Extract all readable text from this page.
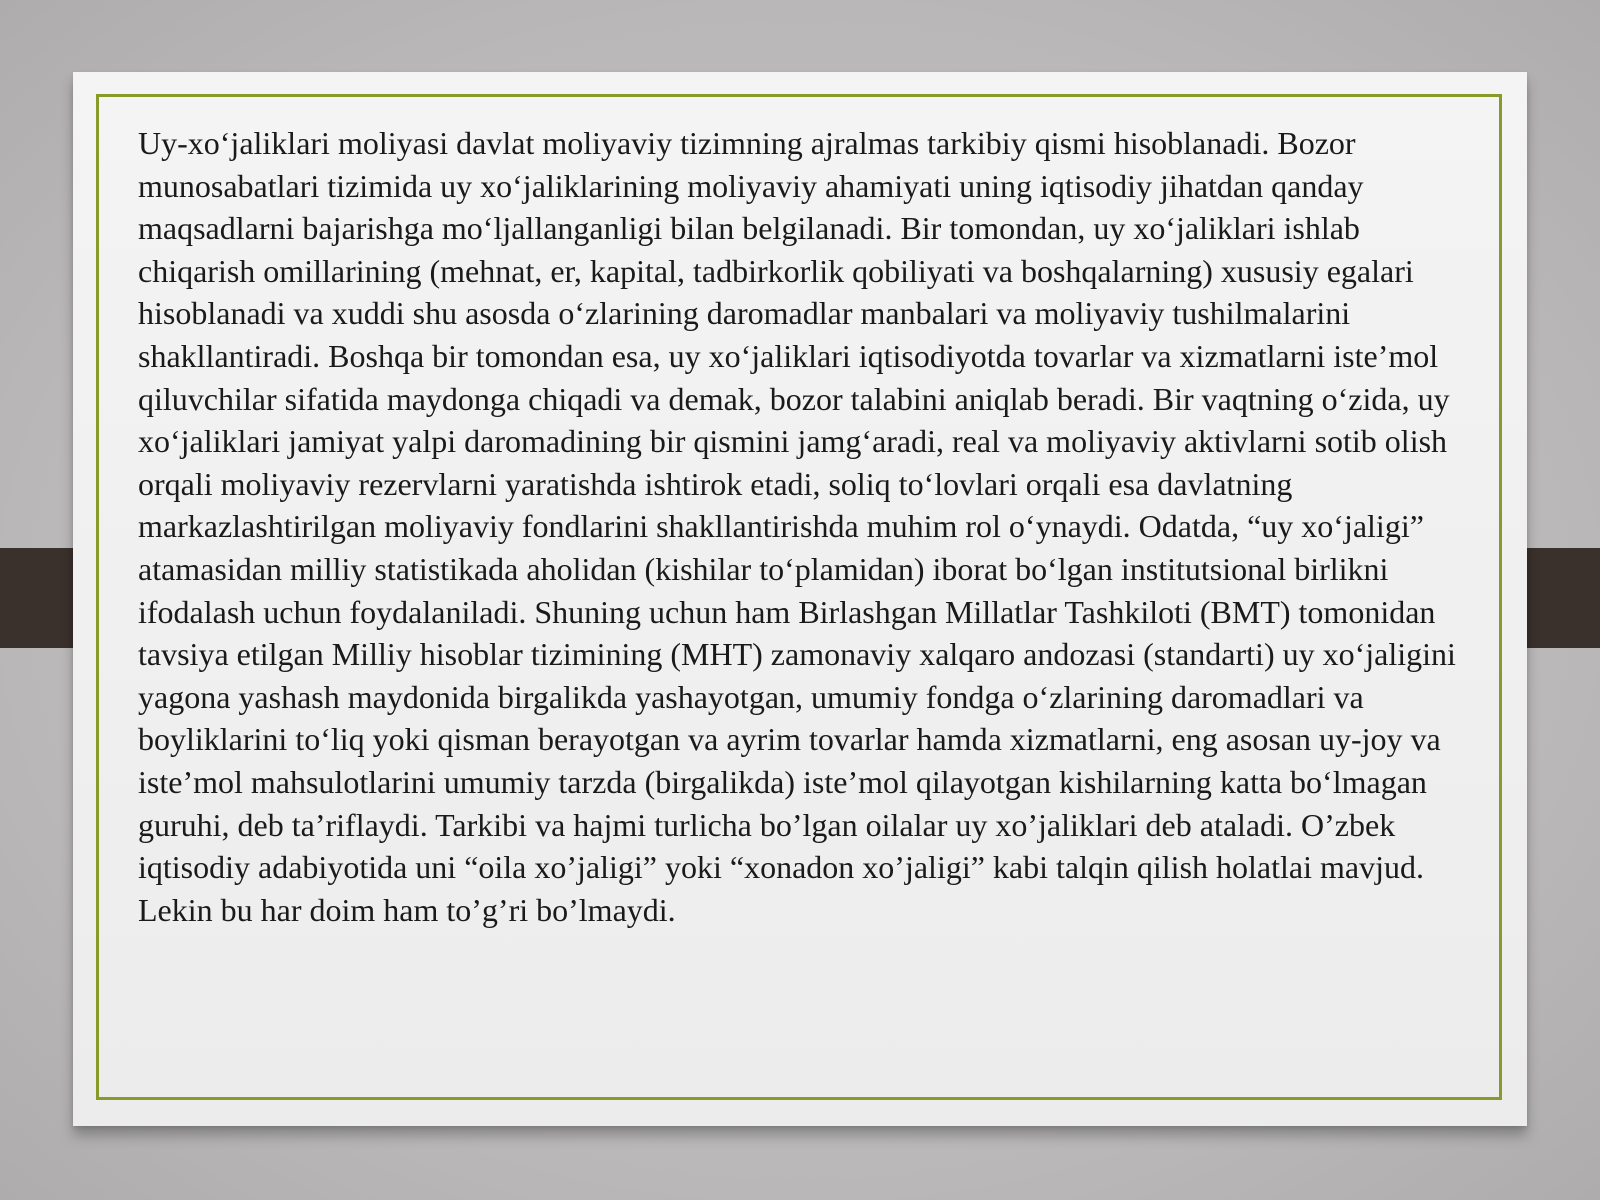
Uy-xo‘jaliklari moliyasi davlat moliyaviy tizimning ajralmas tarkibiy qismi hisoblanadi. Bozor munosabatlari tizimida uy xo‘jaliklarining moliyaviy ahamiyati uning iqtisodiy jihatdan qanday maqsadlarni bajarishga mo‘ljallanganligi bilan belgilanadi. Bir tomondan, uy xo‘jaliklari ishlab chiqarish omillarining (mehnat, er, kapital, tadbirkorlik qobiliyati va boshqalarning) xususiy egalari hisoblanadi va xuddi shu asosda o‘zlarining daromadlar manbalari va moliyaviy tushilmalarini shakllantiradi. Boshqa bir tomondan esa, uy xo‘jaliklari iqtisodiyotda tovarlar va xizmatlarni iste’mol qiluvchilar sifatida maydonga chiqadi va demak, bozor talabini aniqlab beradi. Bir vaqtning o‘zida, uy xo‘jaliklari jamiyat yalpi daromadining bir qismini jamg‘aradi, real va moliyaviy aktivlarni sotib olish orqali moliyaviy rezervlarni yaratishda ishtirok etadi, soliq to‘lovlari orqali esa davlatning markazlashtirilgan moliyaviy fondlarini shakllantirishda muhim rol o‘ynaydi. Odatda, “uy xo‘jaligi” atamasidan milliy statistikada aholidan (kishilar to‘plamidan) iborat bo‘lgan institutsional birlikni ifodalash uchun foydalaniladi. Shuning uchun ham Birlashgan Millatlar Tashkiloti (BMT) tomonidan tavsiya etilgan Milliy hisoblar tizimining (MHT) zamonaviy xalqaro andozasi (standarti) uy xo‘jaligini yagona yashash maydonida birgalikda yashayotgan, umumiy fondga o‘zlarining daromadlari va boyliklarini to‘liq yoki qisman berayotgan va ayrim tovarlar hamda xizmatlarni, eng asosan uy-joy va iste’mol mahsulotlarini umumiy tarzda (birgalikda) iste’mol qilayotgan kishilarning katta bo‘lmagan guruhi, deb ta’riflaydi. Tarkibi va hajmi turlicha bo’lgan oilalar uy xo’jaliklari deb ataladi. O’zbek iqtisodiy adabiyotida uni “oila xo’jaligi” yoki “xonadon xo’jaligi” kabi talqin qilish holatlai mavjud. Lekin bu har doim ham to’g’ri bo’lmaydi.
